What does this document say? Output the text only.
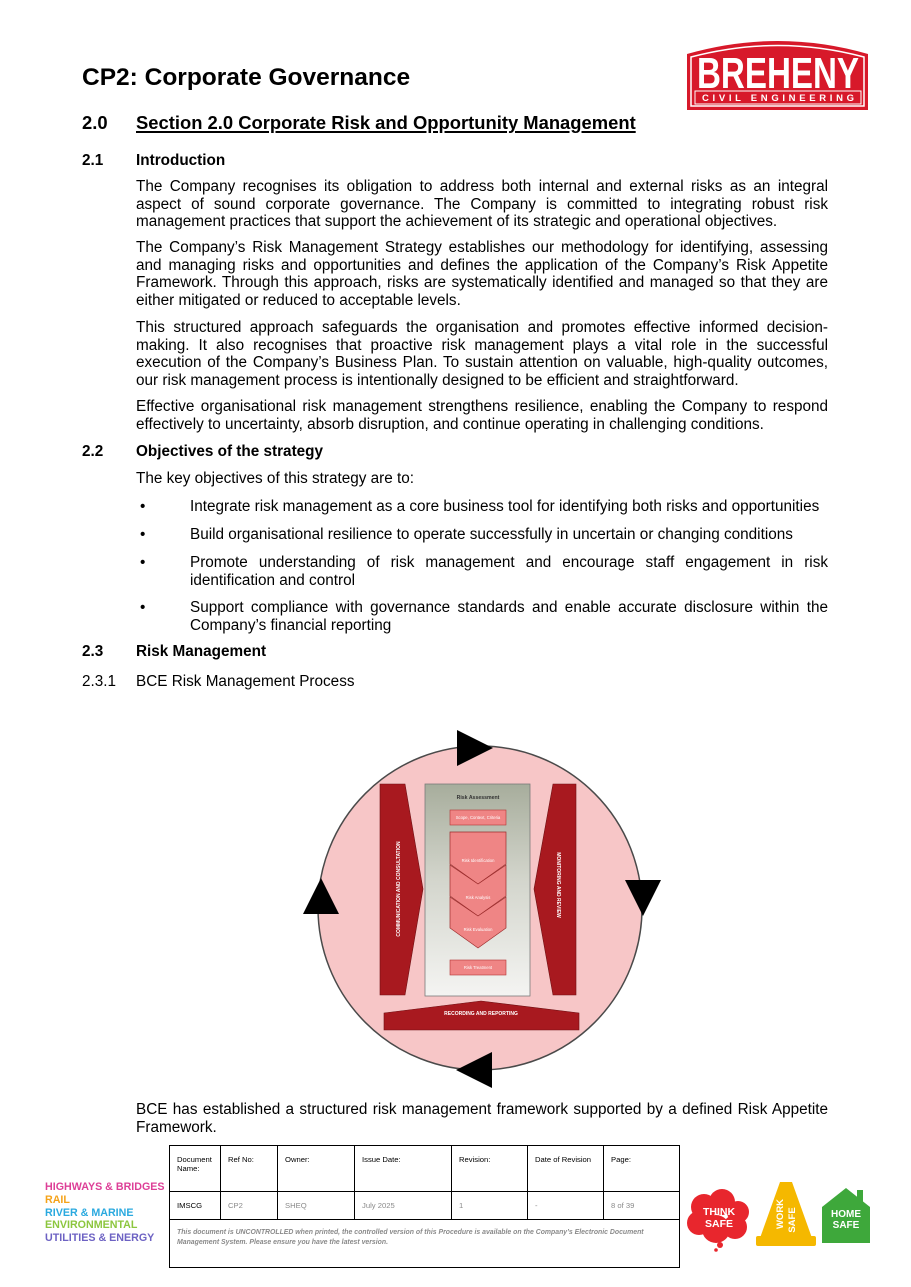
CP2: Corporate Governance	BREHENY
CIVIL ENGINEERING
2.0 Section 2.0 Corporate Risk and Opportunity Management
2.1 Introduction
The Company recognises its obligation to address both internal and external risks as an integral aspect of sound corporate governance. The Company is committed to integrating robust risk management practices that support the achievement of its strategic and operational objectives.
The Company’s Risk Management Strategy establishes our methodology for identifying, assessing and managing risks and opportunities and defines the application of the Company’s Risk Appetite Framework. Through this approach, risks are systematically identified and managed so that they are either mitigated or reduced to acceptable levels.
This structured approach safeguards the organisation and promotes effective informed decision-making. It also recognises that proactive risk management plays a vital role in the successful execution of the Company’s Business Plan. To sustain attention on valuable, high-quality outcomes, our risk management process is intentionally designed to be efficient and straightforward.
Effective organisational risk management strengthens resilience, enabling the Company to respond effectively to uncertainty, absorb disruption, and continue operating in challenging conditions.
2.2 Objectives of the strategy
The key objectives of this strategy are to:
•	Integrate risk management as a core business tool for identifying both risks and opportunities
•	Build organisational resilience to operate successfully in uncertain or changing conditions
•	Promote understanding of risk management and encourage staff engagement in risk identification and control
•	Support compliance with governance standards and enable accurate disclosure within the Company’s financial reporting
2.3 Risk Management
2.3.1 BCE Risk Management Process
COMMUNICATION AND CONSULTATION	MONITORING AND REVIEW
Risk Assessment
Scope, Context, Criteria
Risk Identification
Risk Analysis
Risk Evaluation
Risk Treatment
RECORDING AND REPORTING
BCE has established a structured risk management framework supported by a defined Risk Appetite Framework.
Document Name:	Ref No:	Owner:	Issue Date:	Revision:	Date of Revision	Page:
IMSCG	CP2	SHEQ	July 2025	1	-	8 of 39
This document is UNCONTROLLED when printed, the controlled version of this Procedure is available on the Company’s Electronic Document Management System. Please ensure you have the latest version.						
HIGHWAYS & BRIDGES
RAIL
RIVER & MARINE
ENVIRONMENTAL
UTILITIES & ENERGY
THINK
SAFE	WORK SAFE	HOME
SAFE
